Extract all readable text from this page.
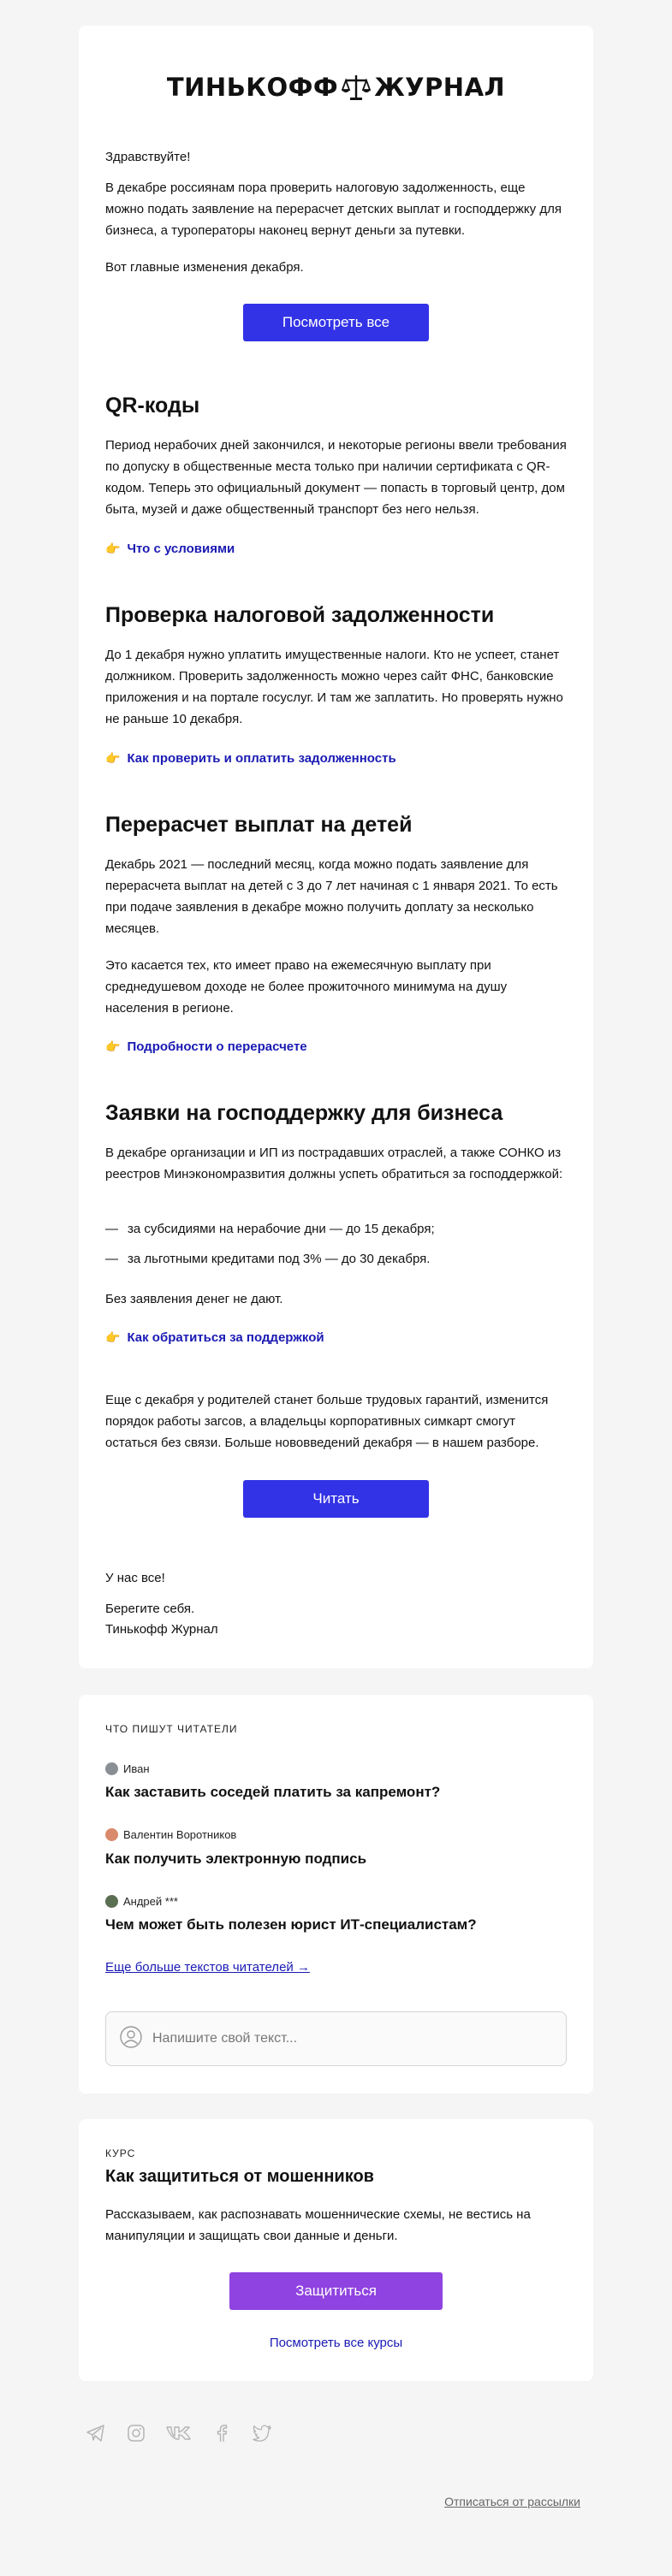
ТИНЬКОФФ ЖУРНАЛ

Здравствуйте!

В декабре россиянам пора проверить налоговую задолженность, еще можно подать заявление на перерасчет детских выплат и господдержку для бизнеса, а туроператоры наконец вернут деньги за путевки.

Вот главные изменения декабря.

Посмотреть все
QR-коды

Период нерабочих дней закончился, и некоторые регионы ввели требования по допуску в общественные места только при наличии сертификата с QR-кодом. Теперь это официальный документ — попасть в торговый центр, дом быта, музей и даже общественный транспорт без него нельзя.

👉 Что с условиями
Проверка налоговой задолженности

До 1 декабря нужно уплатить имущественные налоги. Кто не успеет, станет должником. Проверить задолженность можно через сайт ФНС, банковские приложения и на портале госуслуг. И там же заплатить. Но проверять нужно не раньше 10 декабря.

👉 Как проверить и оплатить задолженность
Перерасчет выплат на детей

Декабрь 2021 — последний месяц, когда можно подать заявление для перерасчета выплат на детей с 3 до 7 лет начиная с 1 января 2021. То есть при подаче заявления в декабре можно получить доплату за несколько месяцев.

Это касается тех, кто имеет право на ежемесячную выплату при среднедушевом доходе не более прожиточного минимума на душу населения в регионе.

👉 Подробности о перерасчете
Заявки на господдержку для бизнеса

В декабре организации и ИП из пострадавших отраслей, а также СОНКО из реестров Минэкономразвития должны успеть обратиться за господдержкой:

— за субсидиями на нерабочие дни — до 15 декабря;
— за льготными кредитами под 3% — до 30 декабря.

Без заявления денег не дают.

👉 Как обратиться за поддержкой

Еще с декабря у родителей станет больше трудовых гарантий, изменится порядок работы загсов, а владельцы корпоративных симкарт смогут остаться без связи. Больше нововведений декабря — в нашем разборе.

Читать

У нас все!

Берегите себя.

Тинькофф Журнал

ЧТО ПИШУТ ЧИТАТЕЛИ
Иван
Как заставить соседей платить за капремонт?
Валентин Воротников
Как получить электронную подпись
Андрей ***
Чем может быть полезен юрист ИТ-специалистам?
Еще больше текстов читателей →
Напишите свой текст...
КУРС
Как защититься от мошенников

Рассказываем, как распознавать мошеннические схемы, не вестись на манипуляции и защищать свои данные и деньги.

Защититься
Посмотреть все курсы
Отписаться от рассылки
